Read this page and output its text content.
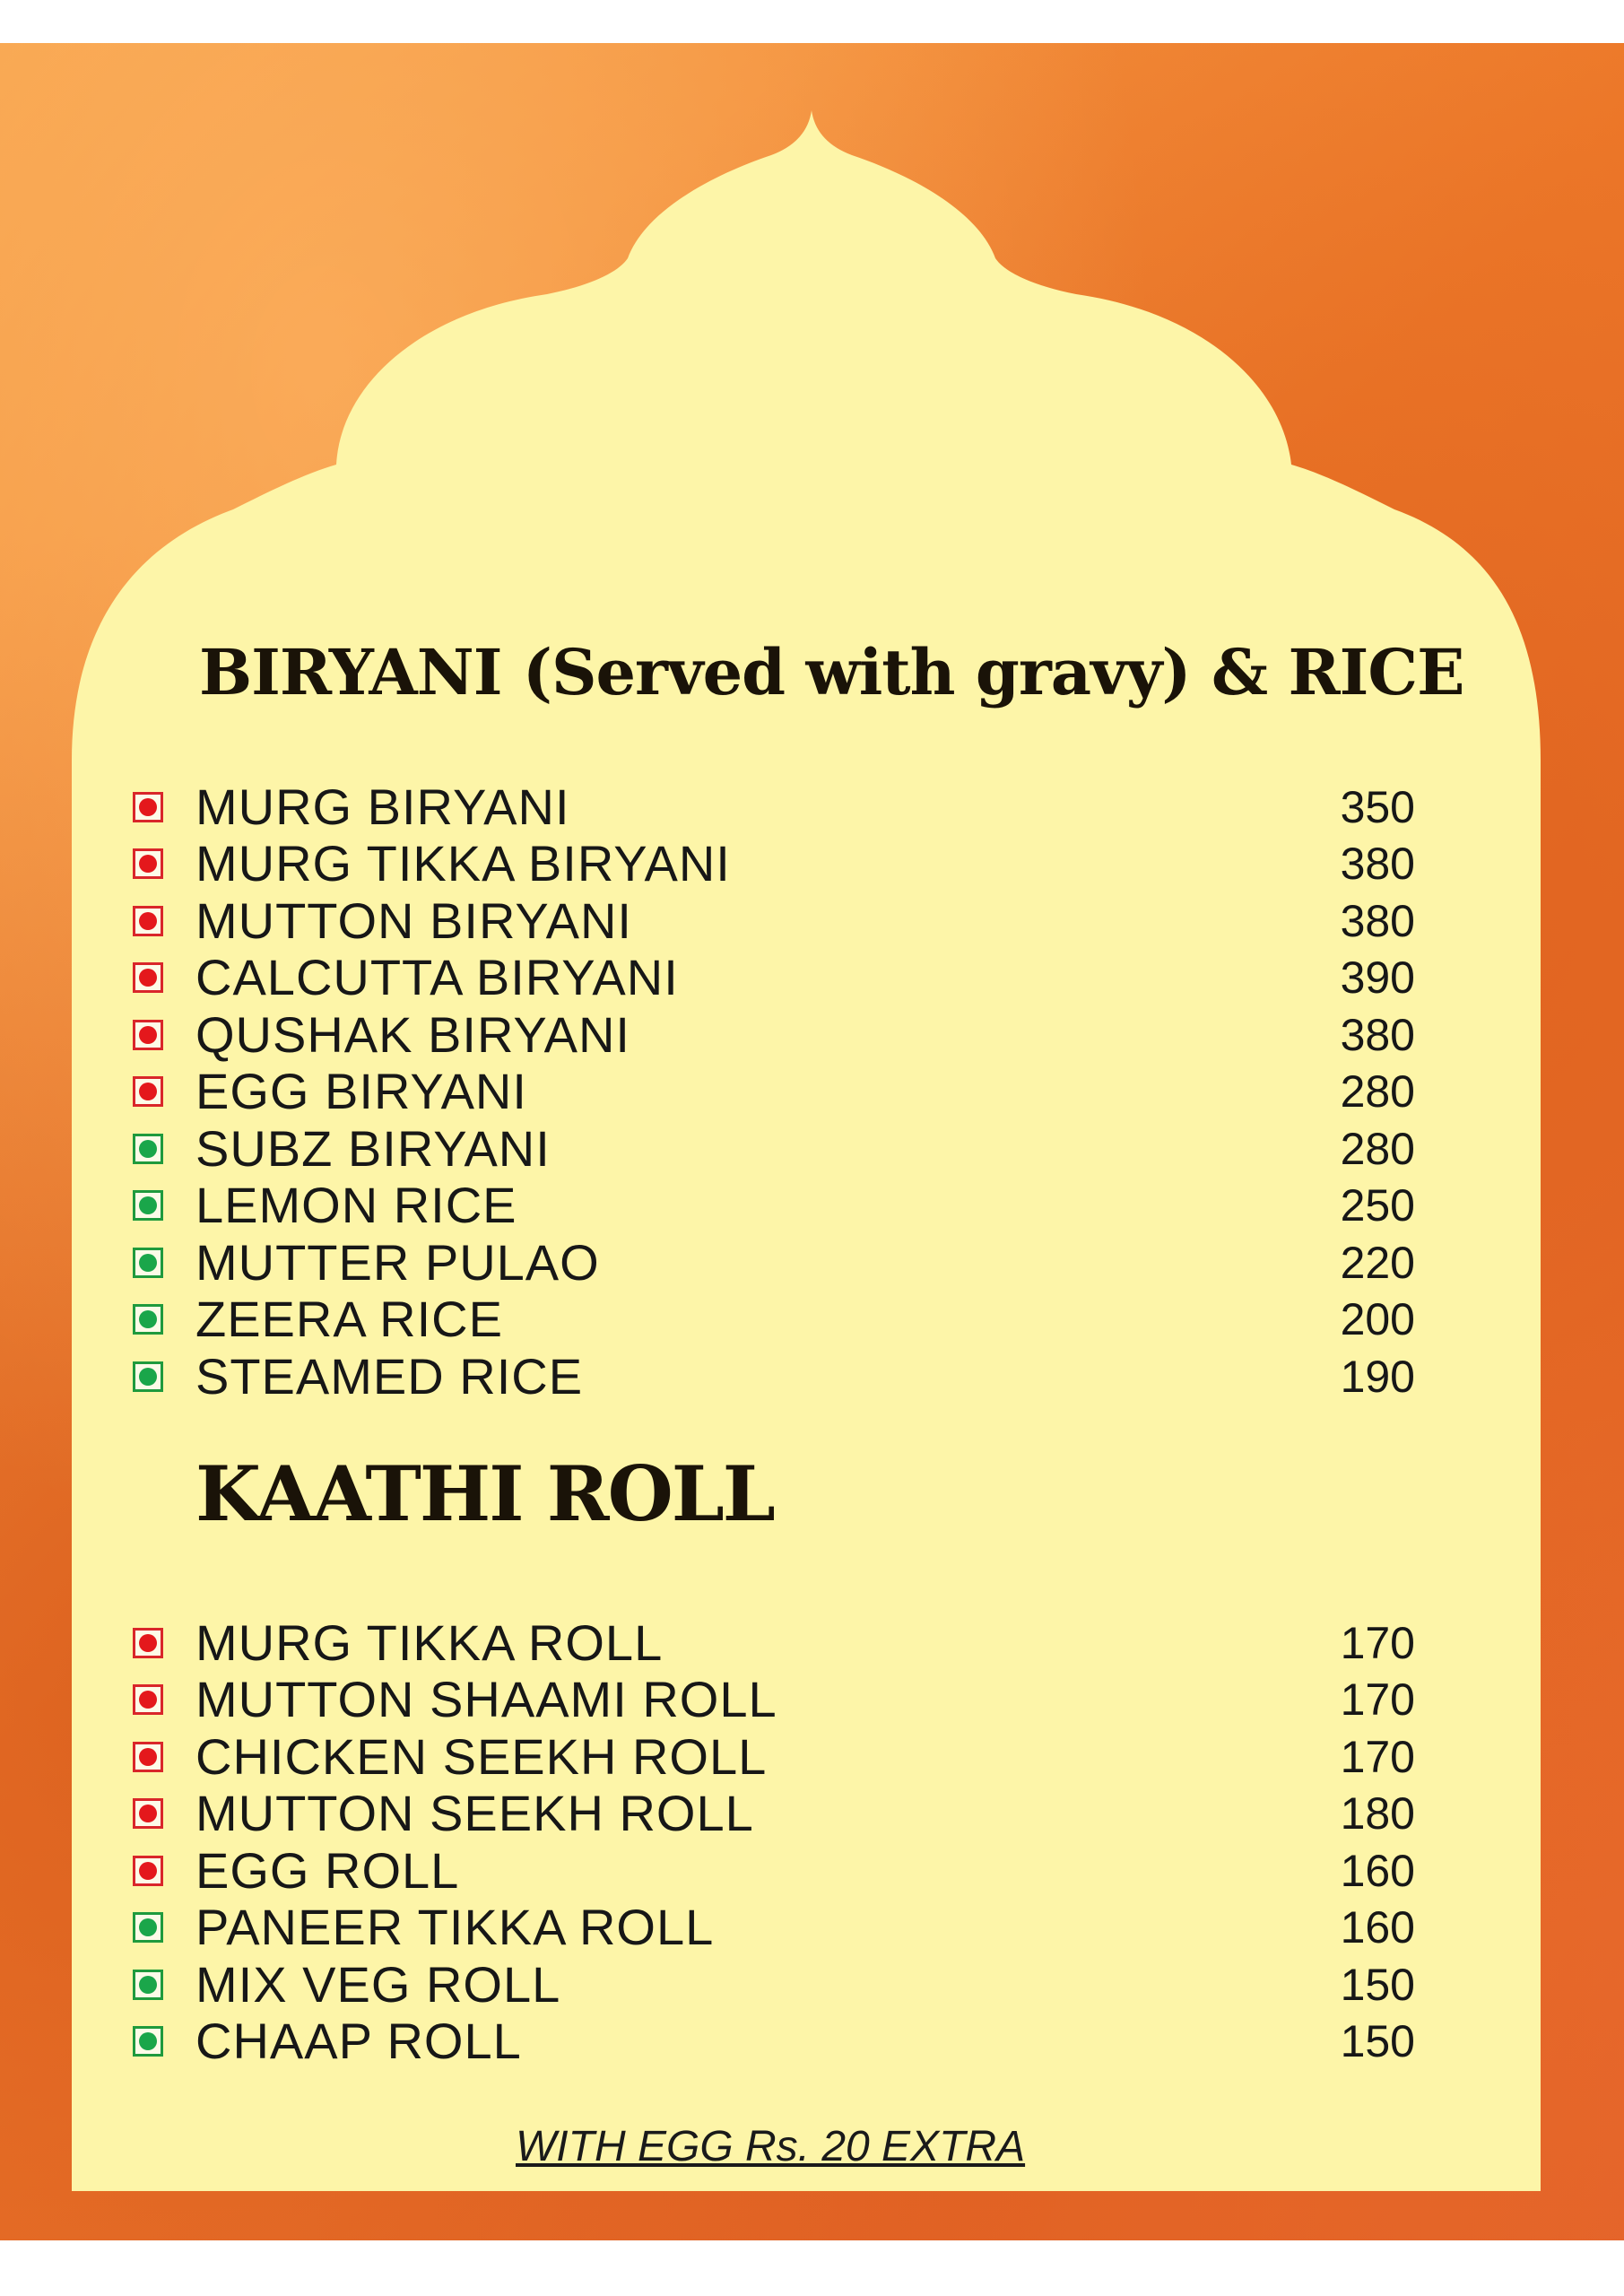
BIRYANI (Served with gravy) & RICE
MURG BIRYANI	350
MURG TIKKA BIRYANI	380
MUTTON BIRYANI	380
CALCUTTA BIRYANI	390
QUSHAK BIRYANI	380
EGG BIRYANI	280
SUBZ BIRYANI	280
LEMON RICE	250
MUTTER PULAO	220
ZEERA RICE	200
STEAMED RICE	190
KAATHI ROLL
MURG TIKKA ROLL	170
MUTTON SHAAMI ROLL	170
CHICKEN SEEKH ROLL	170
MUTTON SEEKH ROLL	180
EGG ROLL	160
PANEER TIKKA ROLL	160
MIX VEG ROLL	150
CHAAP ROLL	150

WITH EGG Rs. 20 EXTRA
